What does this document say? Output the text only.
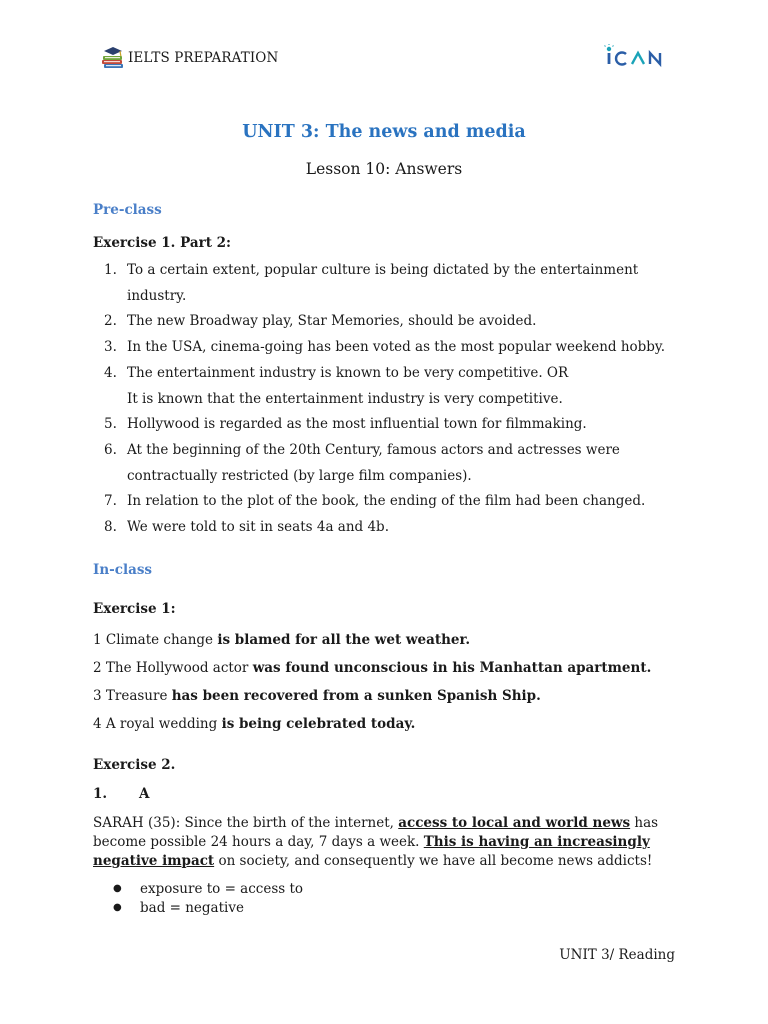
IELTS PREPARATION
UNIT 3: The news and media
Lesson 10: Answers
Pre-class
Exercise 1. Part 2:
1. To a certain extent, popular culture is being dictated by the entertainment
industry.
2. The new Broadway play, Star Memories, should be avoided.
3. In the USA, cinema-going has been voted as the most popular weekend hobby.
4. The entertainment industry is known to be very competitive. OR
It is known that the entertainment industry is very competitive.
5. Hollywood is regarded as the most influential town for filmmaking.
6. At the beginning of the 20th Century, famous actors and actresses were
contractually restricted (by large film companies).
7. In relation to the plot of the book, the ending of the film had been changed.
8. We were told to sit in seats 4a and 4b.
In-class
Exercise 1:
1 Climate change is blamed for all the wet weather.
2 The Hollywood actor was found unconscious in his Manhattan apartment.
3 Treasure has been recovered from a sunken Spanish Ship.
4 A royal wedding is being celebrated today.
Exercise 2.
1. A
SARAH (35): Since the birth of the internet, access to local and world news has become possible 24 hours a day, 7 days a week. This is having an increasingly negative impact on society, and consequently we have all become news addicts!
● exposure to = access to
● bad = negative
UNIT 3/ Reading
